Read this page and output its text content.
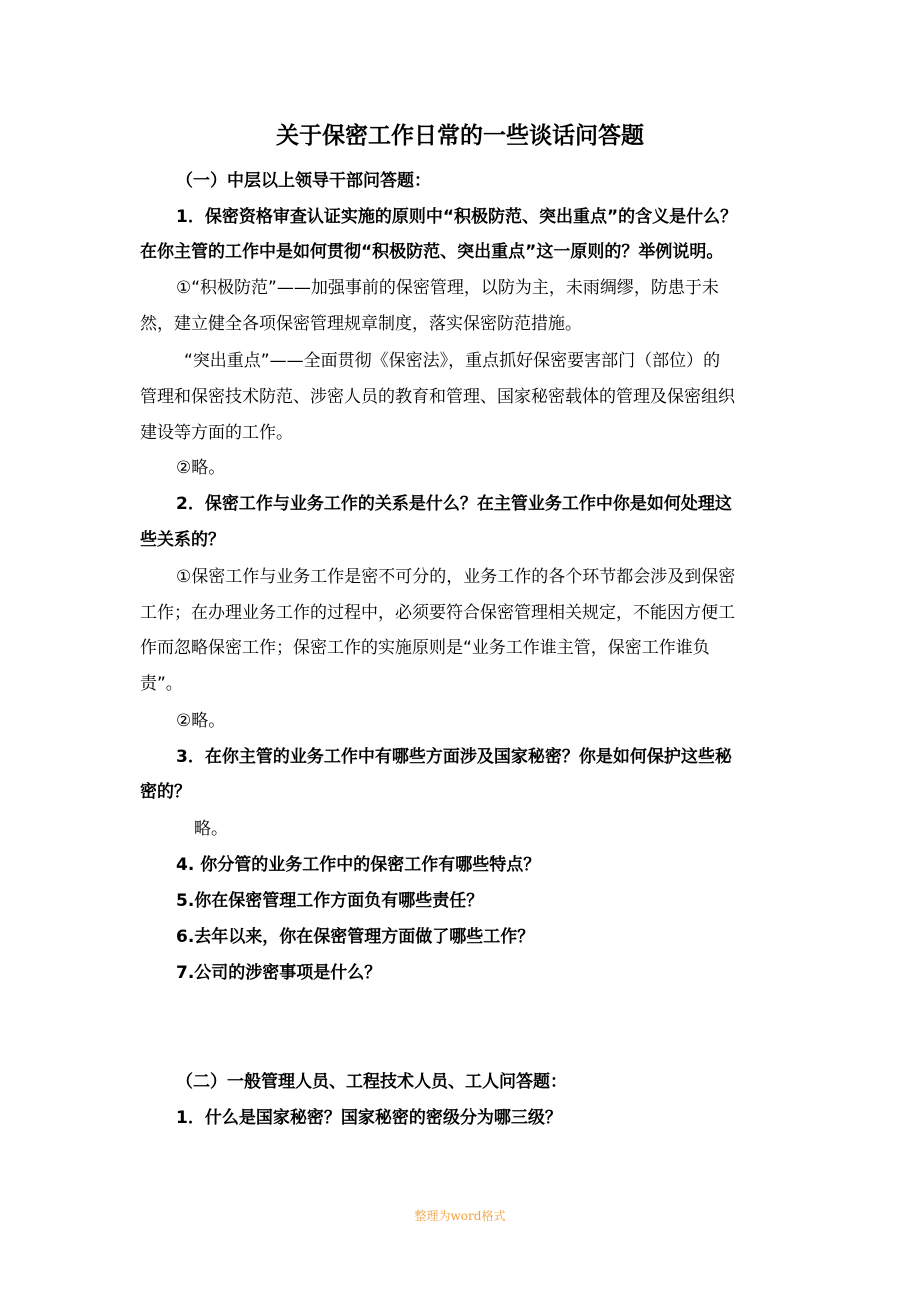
关于保密工作日常的一些谈话问答题
（一）中层以上领导干部问答题：
1．保密资格审查认证实施的原则中“积极防范、突出重点”的含义是什么？
在你主管的工作中是如何贯彻“积极防范、突出重点”这一原则的？举例说明。
①“积极防范”——加强事前的保密管理，以防为主，未雨绸缪，防患于未
然，建立健全各项保密管理规章制度，落实保密防范措施。
“突出重点”——全面贯彻《保密法》，重点抓好保密要害部门（部位）的
管理和保密技术防范、涉密人员的教育和管理、国家秘密载体的管理及保密组织
建设等方面的工作。
②略。
2．保密工作与业务工作的关系是什么？在主管业务工作中你是如何处理这
些关系的？
①保密工作与业务工作是密不可分的，业务工作的各个环节都会涉及到保密
工作；在办理业务工作的过程中，必须要符合保密管理相关规定，不能因方便工
作而忽略保密工作；保密工作的实施原则是“业务工作谁主管，保密工作谁负
责”。
②略。
3．在你主管的业务工作中有哪些方面涉及国家秘密？你是如何保护这些秘
密的？
略。
4. 你分管的业务工作中的保密工作有哪些特点？
5.你在保密管理工作方面负有哪些责任？
6.去年以来，你在保密管理方面做了哪些工作？
7.公司的涉密事项是什么？
（二）一般管理人员、工程技术人员、工人问答题：
1．什么是国家秘密？国家秘密的密级分为哪三级？
整理为word格式
